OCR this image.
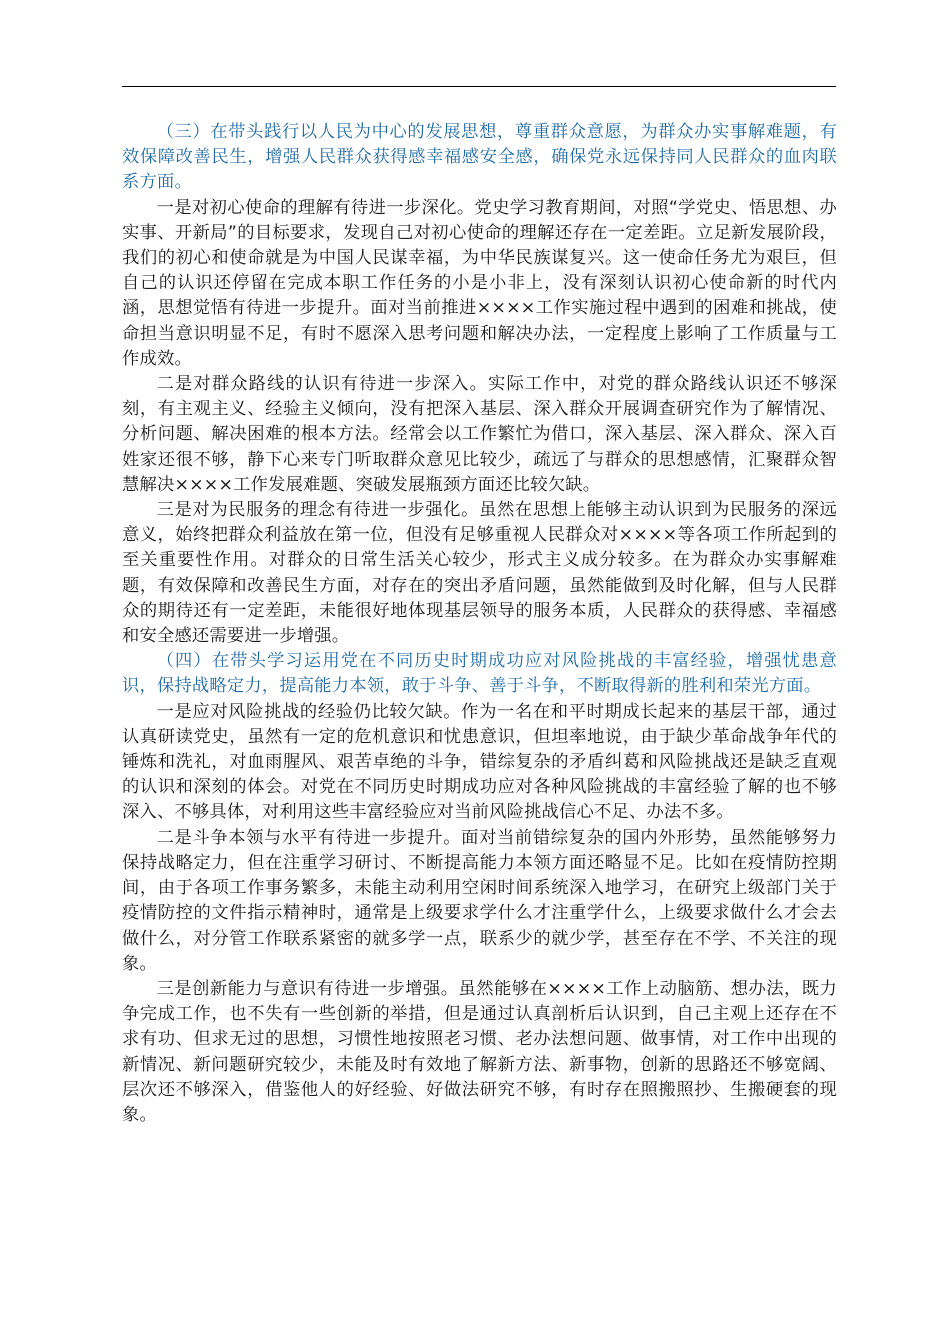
（三）在带头践行以人民为中心的发展思想，尊重群众意愿，为群众办实事解难题，有效保障改善民生，增强人民群众获得感幸福感安全感，确保党永远保持同人民群众的血肉联系方面。

一是对初心使命的理解有待进一步深化。党史学习教育期间，对照“学党史、悟思想、办实事、开新局”的目标要求，发现自己对初心使命的理解还存在一定差距。立足新发展阶段，我们的初心和使命就是为中国人民谋幸福，为中华民族谋复兴。这一使命任务尤为艰巨，但自己的认识还停留在完成本职工作任务的小是小非上，没有深刻认识初心使命新的时代内涵，思想觉悟有待进一步提升。面对当前推进××××工作实施过程中遇到的困难和挑战，使命担当意识明显不足，有时不愿深入思考问题和解决办法，一定程度上影响了工作质量与工作成效。

二是对群众路线的认识有待进一步深入。实际工作中，对党的群众路线认识还不够深刻，有主观主义、经验主义倾向，没有把深入基层、深入群众开展调查研究作为了解情况、分析问题、解决困难的根本方法。经常会以工作繁忙为借口，深入基层、深入群众、深入百姓家还很不够，静下心来专门听取群众意见比较少，疏远了与群众的思想感情，汇聚群众智慧解决××××工作发展难题、突破发展瓶颈方面还比较欠缺。

三是对为民服务的理念有待进一步强化。虽然在思想上能够主动认识到为民服务的深远意义，始终把群众利益放在第一位，但没有足够重视人民群众对××××等各项工作所起到的至关重要性作用。对群众的日常生活关心较少，形式主义成分较多。在为群众办实事解难题，有效保障和改善民生方面，对存在的突出矛盾问题，虽然能做到及时化解，但与人民群众的期待还有一定差距，未能很好地体现基层领导的服务本质，人民群众的获得感、幸福感和安全感还需要进一步增强。

（四）在带头学习运用党在不同历史时期成功应对风险挑战的丰富经验，增强忧患意识，保持战略定力，提高能力本领，敢于斗争、善于斗争，不断取得新的胜利和荣光方面。

一是应对风险挑战的经验仍比较欠缺。作为一名在和平时期成长起来的基层干部，通过认真研读党史，虽然有一定的危机意识和忧患意识，但坦率地说，由于缺少革命战争年代的锤炼和洗礼，对血雨腥风、艰苦卓绝的斗争，错综复杂的矛盾纠葛和风险挑战还是缺乏直观的认识和深刻的体会。对党在不同历史时期成功应对各种风险挑战的丰富经验了解的也不够深入、不够具体，对利用这些丰富经验应对当前风险挑战信心不足、办法不多。

二是斗争本领与水平有待进一步提升。面对当前错综复杂的国内外形势，虽然能够努力保持战略定力，但在注重学习研讨、不断提高能力本领方面还略显不足。比如在疫情防控期间，由于各项工作事务繁多，未能主动利用空闲时间系统深入地学习，在研究上级部门关于疫情防控的文件指示精神时，通常是上级要求学什么才注重学什么，上级要求做什么才会去做什么，对分管工作联系紧密的就多学一点，联系少的就少学，甚至存在不学、不关注的现象。

三是创新能力与意识有待进一步增强。虽然能够在××××工作上动脑筋、想办法，既力争完成工作，也不失有一些创新的举措，但是通过认真剖析后认识到，自己主观上还存在不求有功、但求无过的思想，习惯性地按照老习惯、老办法想问题、做事情，对工作中出现的新情况、新问题研究较少，未能及时有效地了解新方法、新事物，创新的思路还不够宽阔、层次还不够深入，借鉴他人的好经验、好做法研究不够，有时存在照搬照抄、生搬硬套的现象。
